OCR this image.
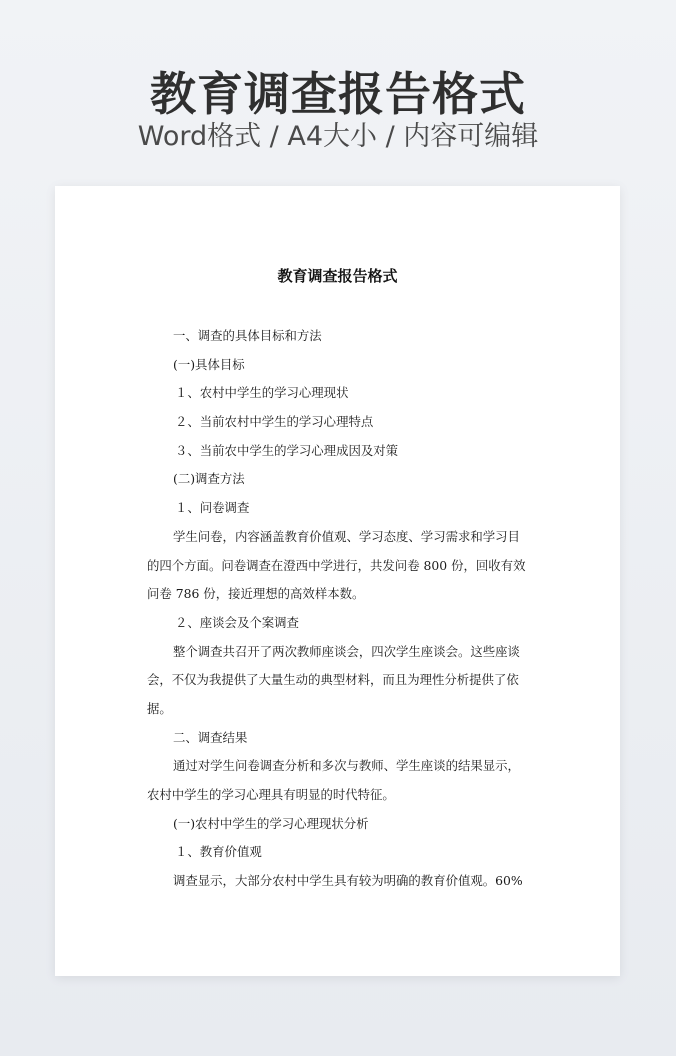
教育调查报告格式
Word格式 / A4大小 / 内容可编辑
教育调查报告格式
一、调查的具体目标和方法
(一)具体目标
１、农村中学生的学习心理现状
２、当前农村中学生的学习心理特点
３、当前农中学生的学习心理成因及对策
(二)调查方法
１、问卷调查
学生问卷，内容涵盖教育价值观、学习态度、学习需求和学习目
的四个方面。问卷调查在澄西中学进行，共发问卷 800 份，回收有效
问卷 786 份，接近理想的高效样本数。
２、座谈会及个案调查
整个调查共召开了两次教师座谈会，四次学生座谈会。这些座谈
会，不仅为我提供了大量生动的典型材料，而且为理性分析提供了依
据。
二、调查结果
通过对学生问卷调查分析和多次与教师、学生座谈的结果显示，
农村中学生的学习心理具有明显的时代特征。
(一)农村中学生的学习心理现状分析
１、教育价值观
调查显示，大部分农村中学生具有较为明确的教育价值观。60%
